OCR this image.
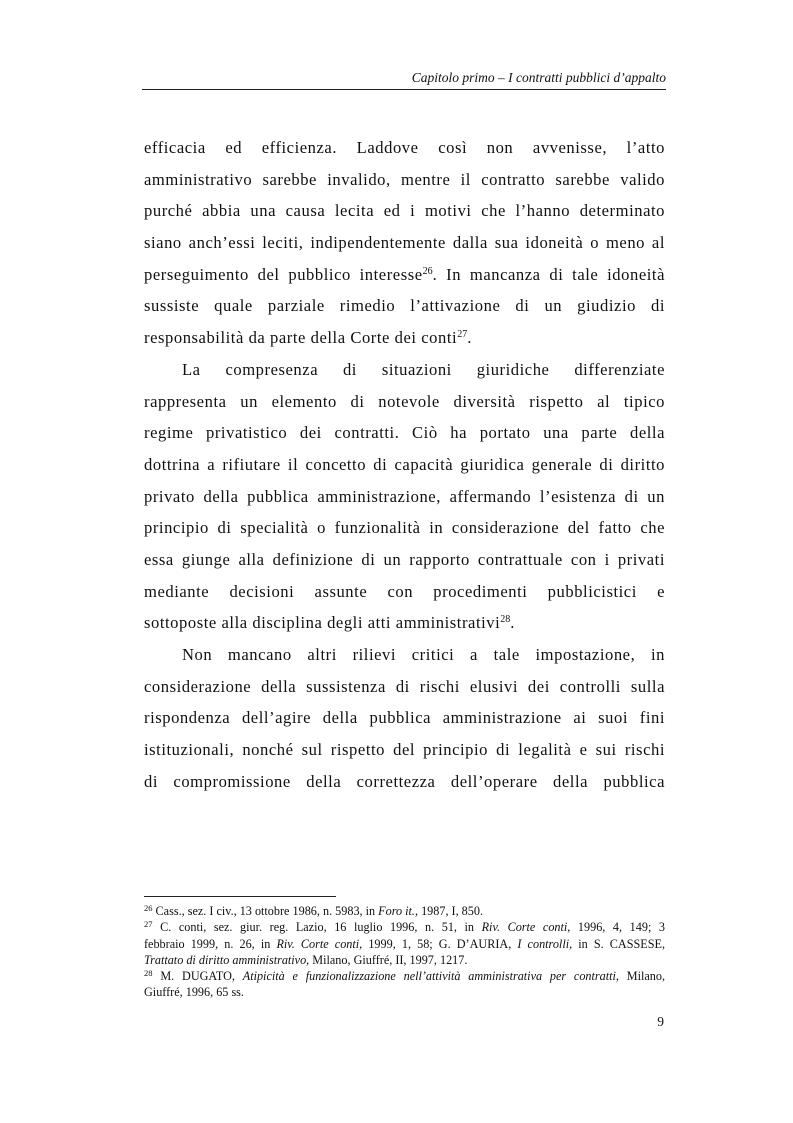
Capitolo primo – I contratti pubblici d’appalto
efficacia ed efficienza. Laddove così non avvenisse, l’atto
amministrativo sarebbe invalido, mentre il contratto sarebbe valido
purché abbia una causa lecita ed i motivi che l’hanno determinato
siano anch’essi leciti, indipendentemente dalla sua idoneità o meno al
perseguimento del pubblico interesse$^{26}$. In mancanza di tale idoneità
sussiste quale parziale rimedio l’attivazione di un giudizio di
responsabilità da parte della Corte dei conti$^{27}$.
La compresenza di situazioni giuridiche differenziate
rappresenta un elemento di notevole diversità rispetto al tipico
regime privatistico dei contratti. Ciò ha portato una parte della
dottrina a rifiutare il concetto di capacità giuridica generale di diritto
privato della pubblica amministrazione, affermando l’esistenza di un
principio di specialità o funzionalità in considerazione del fatto che
essa giunge alla definizione di un rapporto contrattuale con i privati
mediante decisioni assunte con procedimenti pubblicistici e
sottoposte alla disciplina degli atti amministrativi$^{28}$.
Non mancano altri rilievi critici a tale impostazione, in
considerazione della sussistenza di rischi elusivi dei controlli sulla
rispondenza dell’agire della pubblica amministrazione ai suoi fini
istituzionali, nonché sul rispetto del principio di legalità e sui rischi
di compromissione della correttezza dell’operare della pubblica

$^{26}$ Cass., sez. I civ., 13 ottobre 1986, n. 5983, in Foro it., 1987, I, 850.

$^{27}$ C. conti, sez. giur. reg. Lazio, 16 luglio 1996, n. 51, in Riv. Corte conti, 1996, 4, 149; 3
febbraio 1999, n. 26, in Riv. Corte conti, 1999, 1, 58; G. D’AURIA, I controlli, in S. CASSESE,
Trattato di diritto amministrativo, Milano, Giuffré, II, 1997, 1217.

$^{28}$ M. DUGATO, Atipicità e funzionalizzazione nell’attività amministrativa per contratti, Milano,
Giuffré, 1996, 65 ss.

9
